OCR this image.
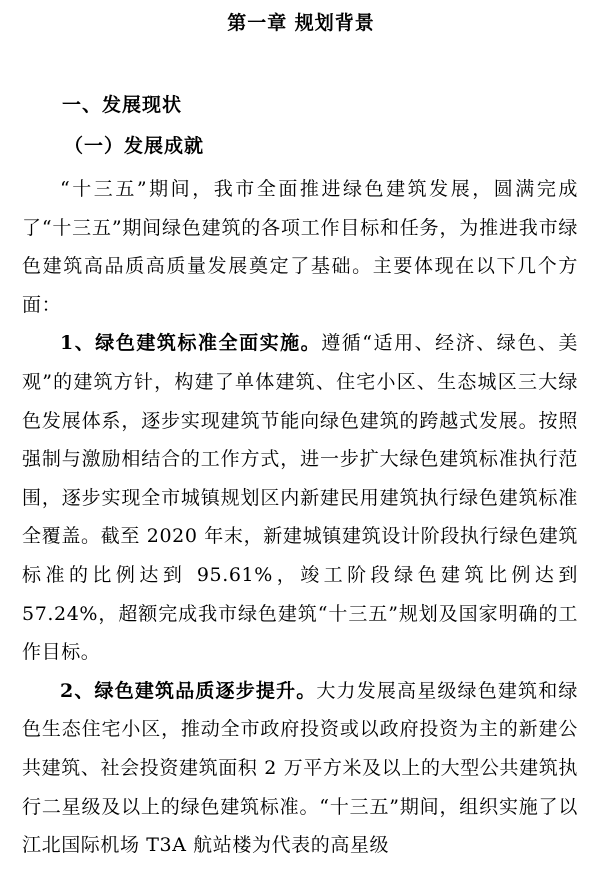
第一章 规划背景
一、发展现状
（一）发展成就

“十三五”期间，我市全面推进绿色建筑发展，圆满完成了“十三五”期间绿色建筑的各项工作目标和任务，为推进我市绿色建筑高品质高质量发展奠定了基础。主要体现在以下几个方面：

1、绿色建筑标准全面实施。遵循“适用、经济、绿色、美观”的建筑方针，构建了单体建筑、住宅小区、生态城区三大绿色发展体系，逐步实现建筑节能向绿色建筑的跨越式发展。按照强制与激励相结合的工作方式，进一步扩大绿色建筑标准执行范围，逐步实现全市城镇规划区内新建民用建筑执行绿色建筑标准全覆盖。截至 2020 年末，新建城镇建筑设计阶段执行绿色建筑标准的比例达到 95.61%，竣工阶段绿色建筑比例达到 57.24%，超额完成我市绿色建筑“十三五”规划及国家明确的工作目标。

2、绿色建筑品质逐步提升。大力发展高星级绿色建筑和绿色生态住宅小区，推动全市政府投资或以政府投资为主的新建公共建筑、社会投资建筑面积 2 万平方米及以上的大型公共建筑执行二星级及以上的绿色建筑标准。“十三五”期间，组织实施了以江北国际机场 T3A 航站楼为代表的高星级
